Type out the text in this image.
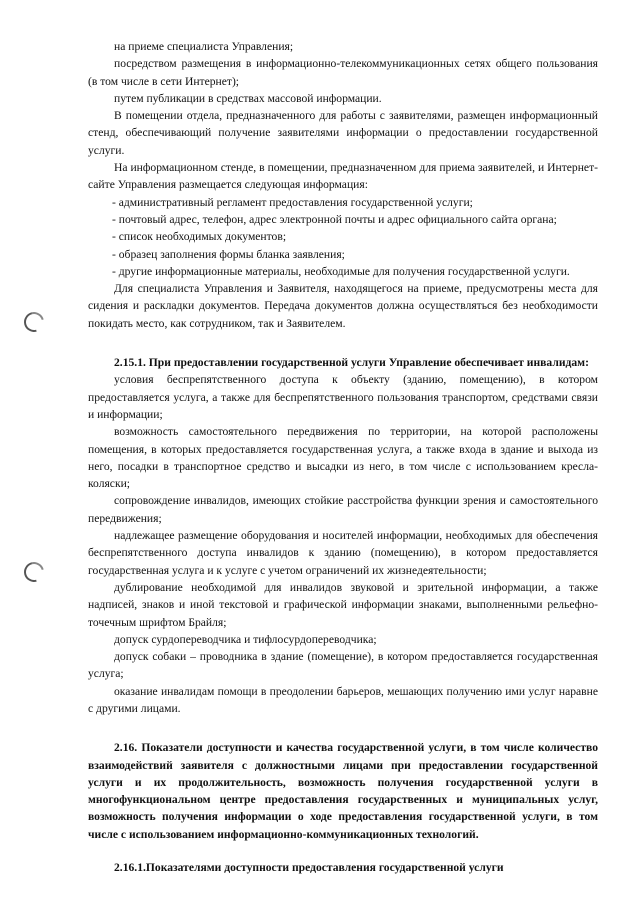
на приеме специалиста Управления;

посредством размещения в информационно-телекоммуникационных сетях общего пользования (в том числе в сети Интернет);

путем публикации в средствах массовой информации.

В помещении отдела, предназначенного для работы с заявителями, размещен информационный стенд, обеспечивающий получение заявителями информации о предоставлении государственной услуги.

На информационном стенде, в помещении, предназначенном для приема заявителей, и Интернет-сайте Управления размещается следующая информация:

- административный регламент предоставления государственной услуги;

- почтовый адрес, телефон, адрес электронной почты и адрес официального сайта органа;

- список необходимых документов;

- образец заполнения формы бланка заявления;

- другие информационные материалы, необходимые для получения государственной услуги.

Для специалиста Управления и Заявителя, находящегося на приеме, предусмотрены места для сидения и раскладки документов. Передача документов должна осуществляться без необходимости покидать место, как сотрудником, так и Заявителем.

2.15.1. При предоставлении государственной услуги Управление обеспечивает инвалидам:

условия беспрепятственного доступа к объекту (зданию, помещению), в котором предоставляется услуга, а также для беспрепятственного пользования транспортом, средствами связи и информации;

возможность самостоятельного передвижения по территории, на которой расположены помещения, в которых предоставляется государственная услуга, а также входа в здание и выхода из него, посадки в транспортное средство и высадки из него, в том числе с использованием кресла-коляски;

сопровождение инвалидов, имеющих стойкие расстройства функции зрения и самостоятельного передвижения;

надлежащее размещение оборудования и носителей информации, необходимых для обеспечения беспрепятственного доступа инвалидов к зданию (помещению), в котором предоставляется государственная услуга и к услуге с учетом ограничений их жизнедеятельности;

дублирование необходимой для инвалидов звуковой и зрительной информации, а также надписей, знаков и иной текстовой и графической информации знаками, выполненными рельефно-точечным шрифтом Брайля;

допуск сурдопереводчика и тифлосурдопереводчика;

допуск собаки – проводника в здание (помещение), в котором предоставляется государственная услуга;

оказание инвалидам помощи в преодолении барьеров, мешающих получению ими услуг наравне с другими лицами.

2.16. Показатели доступности и качества государственной услуги, в том числе количество взаимодействий заявителя с должностными лицами при предоставлении государственной услуги и их продолжительность, возможность получения государственной услуги в многофункциональном центре предоставления государственных и муниципальных услуг, возможность получения информации о ходе предоставления государственной услуги, в том числе с использованием информационно-коммуникационных технологий.

2.16.1.Показателями доступности предоставления государственной услуги
